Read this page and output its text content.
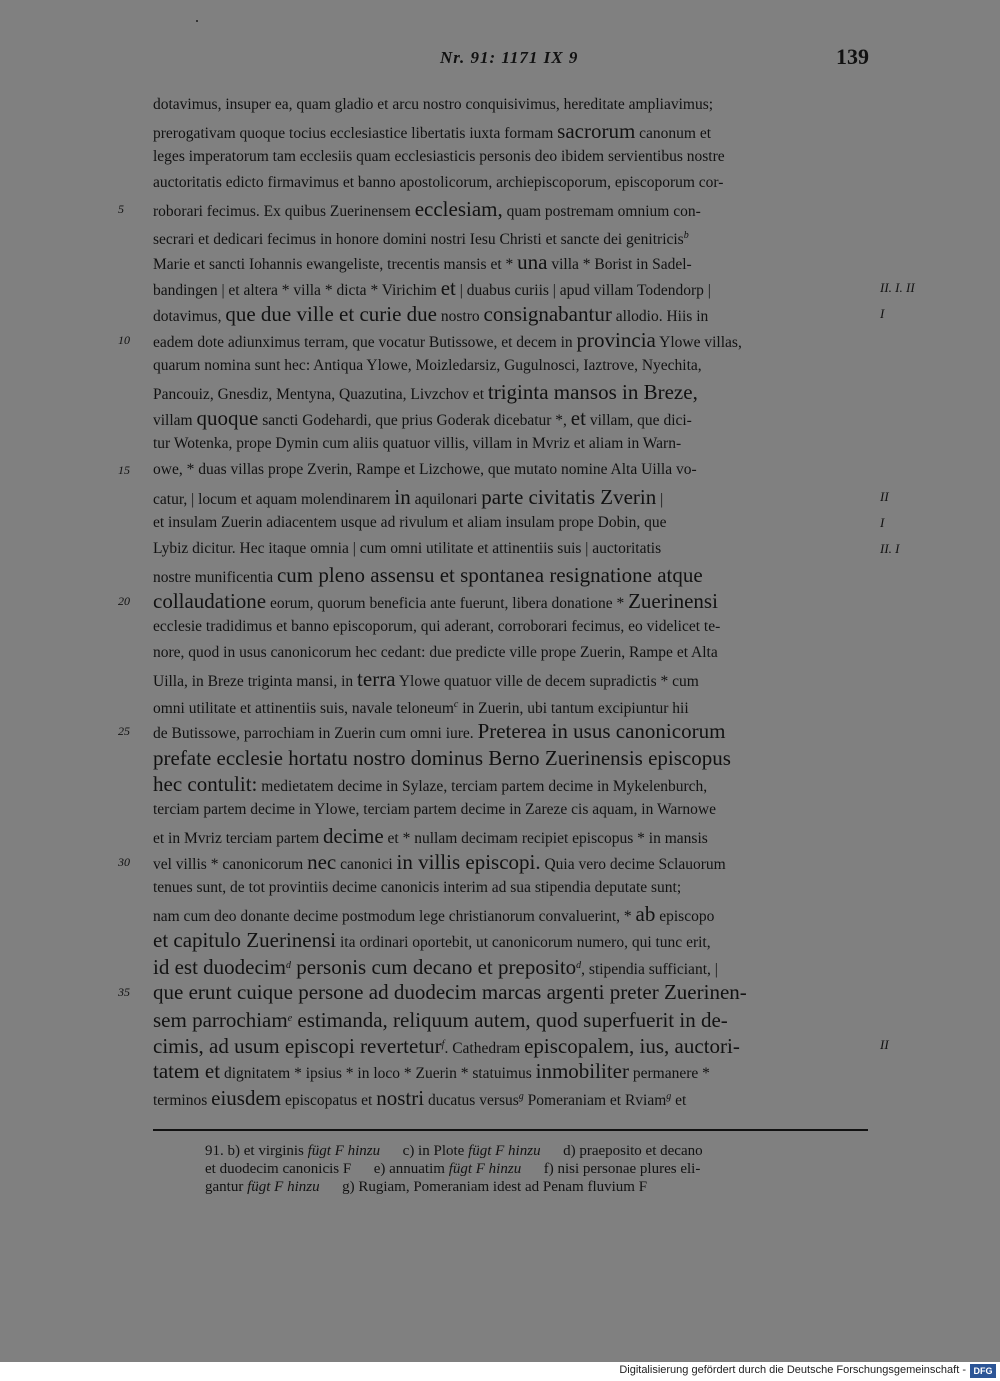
Nr. 91: 1171 IX 9	139
dotavimus, insuper ea, quam gladio et arcu nostro conquisivimus, hereditate ampliavimus;
prerogativam quoque tocius ecclesiastice libertatis iuxta formam sacrorum canonum et
leges imperatorum tam ecclesiis quam ecclesiasticis personis deo ibidem servientibus nostre
auctoritatis edicto firmavimus et banno apostolicorum, archiepiscoporum, episcoporum cor-
roborari fecimus. Ex quibus Zuerinensem ecclesiam, quam postremam omnium con-
secrari et dedicari fecimus in honore domini nostri Iesu Christi et sancte dei genitricis$^b$
Marie et sancti Iohannis ewangeliste, trecentis mansis et * una villa * Borist in Sadel-
bandingen | et altera * villa * dicta * Virichim et | duabus curiis | apud villam Todendorp |
dotavimus, que due ville et curie due nostro consignabantur allodio. Hiis in
eadem dote adiunximus terram, que vocatur Butissowe, et decem in provincia Ylowe villas,
quarum nomina sunt hec: Antiqua Ylowe, Moizledarsiz, Gugulnosci, Iaztrove, Nyechita,
Pancouiz, Gnesdiz, Mentyna, Quazutina, Livzchov et triginta mansos in Breze,
villam quoque sancti Godehardi, que prius Goderak dicebatur *, et villam, que dici-
tur Wotenka, prope Dymin cum aliis quatuor villis, villam in Mvriz et aliam in Warn-
owe, * duas villas prope Zverin, Rampe et Lizchowe, que mutato nomine Alta Uilla vo-
catur, | locum et aquam molendinarem in aquilonari parte civitatis Zverin |
et insulam Zuerin adiacentem usque ad rivulum et aliam insulam prope Dobin, que
Lybiz dicitur. Hec itaque omnia | cum omni utilitate et attinentiis suis | auctoritatis
nostre munificentia cum pleno assensu et spontanea resignatione atque
collaudatione eorum, quorum beneficia ante fuerunt, libera donatione * Zuerinensi
ecclesie tradidimus et banno episcoporum, qui aderant, corroborari fecimus, eo videlicet te-
nore, quod in usus canonicorum hec cedant: due predicte ville prope Zuerin, Rampe et Alta
Uilla, in Breze triginta mansi, in terra Ylowe quatuor ville de decem supradictis * cum
omni utilitate et attinentiis suis, navale teloneum$^c$ in Zuerin, ubi tantum excipiuntur hii
de Butissowe, parrochiam in Zuerin cum omni iure. Preterea in usus canonicorum
prefate ecclesie hortatu nostro dominus Berno Zuerinensis episcopus
hec contulit: medietatem decime in Sylaze, terciam partem decime in Mykelenburch,
terciam partem decime in Ylowe, terciam partem decime in Zareze cis aquam, in Warnowe
et in Mvriz terciam partem decime et * nullam decimam recipiet episcopus * in mansis
vel villis * canonicorum nec canonici in villis episcopi. Quia vero decime Sclauorum
tenues sunt, de tot provintiis decime canonicis interim ad sua stipendia deputate sunt;
nam cum deo donante decime postmodum lege christianorum convaluerint, * ab episcopo
et capitulo Zuerinensi ita ordinari oportebit, ut canonicorum numero, qui tunc erit,
id est duodecim$^d$ personis cum decano et preposito$^d$, stipendia sufficiant, |
que erunt cuique persone ad duodecim marcas argenti preter Zuerinen-
sem parrochiam$^e$ estimanda, reliquum autem, quod superfuerit in de-
cimis, ad usum episcopi revertetur$^f$. Cathedram episcopalem, ius, auctori-
tatem et dignitatem * ipsius * in loco * Zuerin * statuimus inmobiliter permanere *
terminos eiusdem episcopatus et nostri ducatus versus$^g$ Pomeraniam et Rviam$^g$ et
5
10
15
20
25
30
35
II. I. II
I
II
I
II. I
II
91. b) et virginis fügt F hinzu      c) in Plote fügt F hinzu      d) praeposito et decano
et duodecim canonicis F      e) annuatim fügt F hinzu      f) nisi personae plures eli-
gantur fügt F hinzu      g) Rugiam, Pomeraniam idest ad Penam fluvium F
Digitalisierung gefördert durch die Deutsche Forschungsgemeinschaft - DFG
